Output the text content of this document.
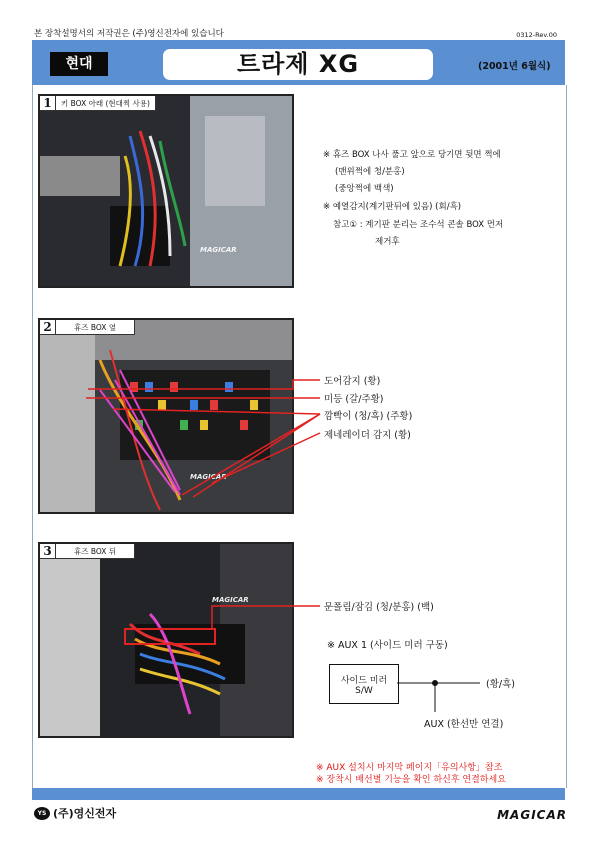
본 장착설명서의 저작권은 (주)영신전자에 있습니다	0312-Rev.00
현대	트라제 XG	(2001년 6월식)
1	키 BOX 아래 (현대찍 사용)
MAGICAR
※ 휴즈 BOX 나사 풀고 앞으로 당기면 뒷면 쩍에
(맨위쩍에 청/분홍)
(중앙쩍에 백색)
※ 예열감지(계기판뒤에 있음) (회/흑)
참고① : 계기판 분리는 조수석 콘솔 BOX 먼저
제거후
2	휴즈 BOX 옆
MAGICAR
도어감지 (황)
미등 (갈/주황)
깜빡이 (청/흑) (주황)
제네레이더 감지 (황)
3	휴즈 BOX 뒤
MAGICAR
문폴림/잠김 (청/분홍) (백)
※ AUX 1 (사이드 미러 구동)
사이드 미러
S/W
(황/흑)
AUX (한선만 연결)
※ AUX 설치시 마지막 페이지「유의사항」참조
※ 장착시 배선별 기능을 확인 하신후 연결하세요
YS (주)영신전자	MAGICAR
